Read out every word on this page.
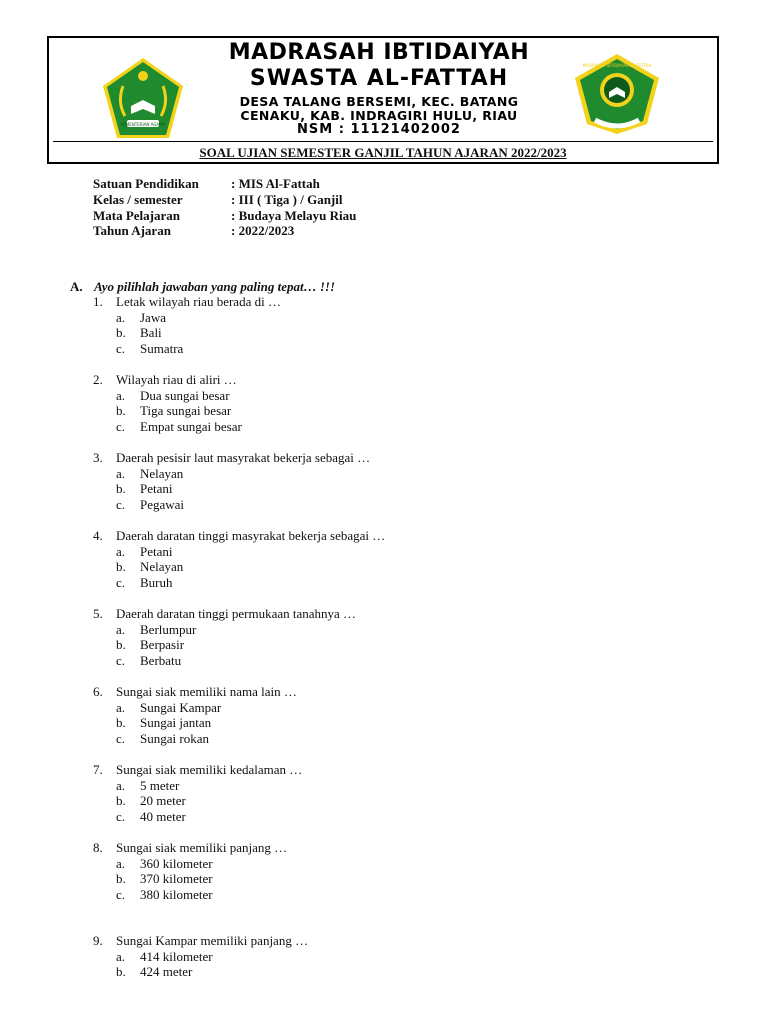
KEMENTERIAN AGAMA
MADRASAH IBTIDAIYAH
SWASTA AL-FATTAH
DESA TALANG BERSEMI, KEC. BATANG
CENAKU, KAB. INDRAGIRI HULU, RIAU
NSM : 11121402002
MADRASAH IBTIDAIYAH AL-FATTAH
SOAL UJIAN SEMESTER GANJIL TAHUN AJARAN 2022/2023
Satuan Pendidikan	: MIS Al-Fattah
Kelas / semester	: III ( Tiga ) / Ganjil
Mata Pelajaran	: Budaya Melayu Riau
Tahun Ajaran	: 2022/2023
A. Ayo pilihlah jawaban yang paling tepat… !!!
1. Letak wilayah riau berada di …
a. Jawa
b. Bali
c. Sumatra
2. Wilayah riau di aliri …
a. Dua sungai besar
b. Tiga sungai besar
c. Empat sungai besar
3. Daerah pesisir laut masyrakat bekerja sebagai …
a. Nelayan
b. Petani
c. Pegawai
4. Daerah daratan tinggi masyrakat bekerja sebagai …
a. Petani
b. Nelayan
c. Buruh
5. Daerah daratan tinggi permukaan tanahnya …
a. Berlumpur
b. Berpasir
c. Berbatu
6. Sungai siak memiliki nama lain …
a. Sungai Kampar
b. Sungai jantan
c. Sungai rokan
7. Sungai siak memiliki kedalaman …
a. 5 meter
b. 20 meter
c. 40 meter
8. Sungai siak memiliki panjang …
a. 360 kilometer
b. 370 kilometer
c. 380 kilometer
9. Sungai Kampar memiliki panjang …
a. 414 kilometer
b. 424 meter
